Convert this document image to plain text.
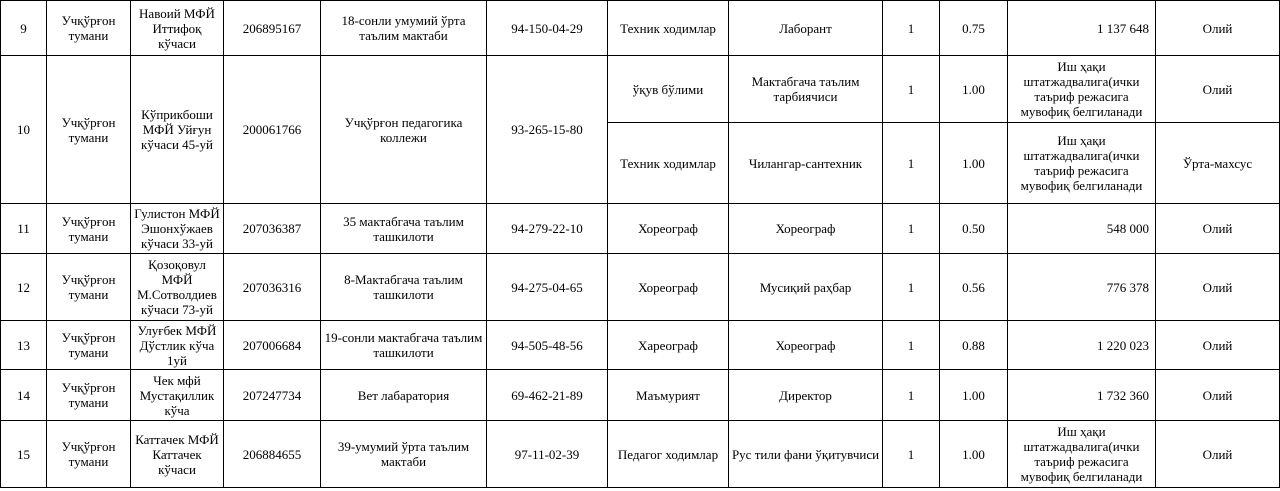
9	Учқўрғон тумани	Навоий МФЙ Иттифоқ кўчаси	206895167	18-сонли умумий ўрта таълим мактаби	94-150-04-29	Техник ходимлар	Лаборант	1	0.75	1 137 648	Олий
10	Учқўрғон тумани	Кўприкбоши МФЙ Уйғун кўчаси 45-уй	200061766	Учқўрғон педагогика коллежи	93-265-15-80	ўқув бўлими	Мактабгача таълим тарбиячиси	1	1.00	Иш ҳақи штатжадвалига(ички таъриф режасига мувофиқ белгиланади	Олий
						Техник ходимлар	Чилангар-сантехник	1	1.00	Иш ҳақи штатжадвалига(ички таъриф режасига мувофиқ белгиланади	Ўрта-махсус
11	Учқўрғон тумани	Гулистон МФЙ Эшонхўжаев кўчаси 33-уй	207036387	35 мактабгача таълим ташкилоти	94-279-22-10	Хореограф	Хореограф	1	0.50	548 000	Олий
12	Учқўрғон тумани	Қозоқовул МФЙ М.Сотволдиев кўчаси 73-уй	207036316	8-Мактабгача таълим ташкилоти	94-275-04-65	Хореограф	Мусиқий раҳбар	1	0.56	776 378	Олий
13	Учқўрғон тумани	Улуғбек МФЙ Дўстлик кўча 1уй	207006684	19-сонли мактабгача таълим ташкилоти	94-505-48-56	Хареограф	Хореограф	1	0.88	1 220 023	Олий
14	Учқўрғон тумани	Чек мфй Мустақиллик кўча	207247734	Вет лабаратория	69-462-21-89	Маъмурият	Директор	1	1.00	1 732 360	Олий
15	Учқўрғон тумани	Каттачек МФЙ Каттачек кўчаси	206884655	39-умумий ўрта таълим мактаби	97-11-02-39	Педагог ходимлар	Рус тили фани ўқитувчиси	1	1.00	Иш ҳақи штатжадвалига(ички таъриф режасига мувофиқ белгиланади	Олий
